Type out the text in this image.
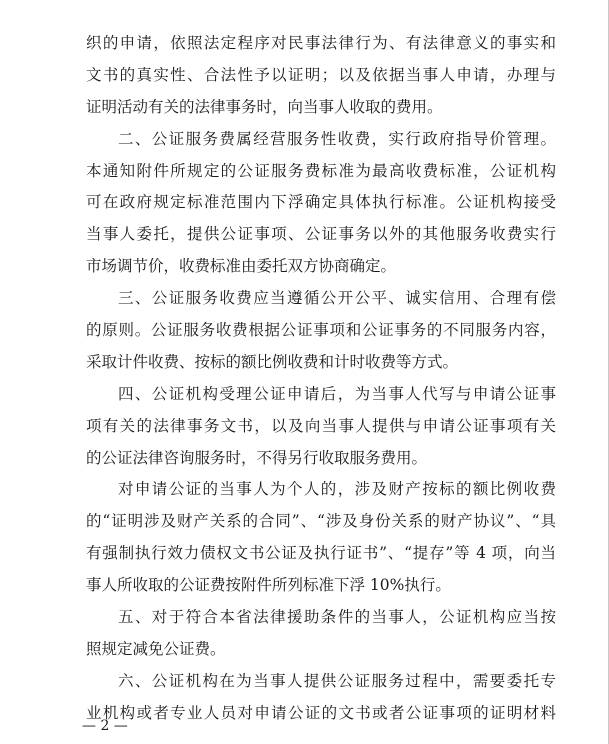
织的申请，依照法定程序对民事法律行为、有法律意义的事实和
文书的真实性、合法性予以证明；以及依据当事人申请，办理与
证明活动有关的法律事务时，向当事人收取的费用。
二、公证服务费属经营服务性收费，实行政府指导价管理。
本通知附件所规定的公证服务费标准为最高收费标准，公证机构
可在政府规定标准范围内下浮确定具体执行标准。公证机构接受
当事人委托，提供公证事项、公证事务以外的其他服务收费实行
市场调节价，收费标准由委托双方协商确定。
三、公证服务收费应当遵循公开公平、诚实信用、合理有偿
的原则。公证服务收费根据公证事项和公证事务的不同服务内容，
采取计件收费、按标的额比例收费和计时收费等方式。
四、公证机构受理公证申请后，为当事人代写与申请公证事
项有关的法律事务文书，以及向当事人提供与申请公证事项有关
的公证法律咨询服务时，不得另行收取服务费用。
对申请公证的当事人为个人的，涉及财产按标的额比例收费
的“证明涉及财产关系的合同”、“涉及身份关系的财产协议”、“具
有强制执行效力债权文书公证及执行证书”、“提存”等 4 项，向当
事人所收取的公证费按附件所列标准下浮 10%执行。
五、对于符合本省法律援助条件的当事人，公证机构应当按
照规定减免公证费。
六、公证机构在为当事人提供公证服务过程中，需要委托专
业机构或者专业人员对申请公证的文书或者公证事项的证明材料
— 2 —
